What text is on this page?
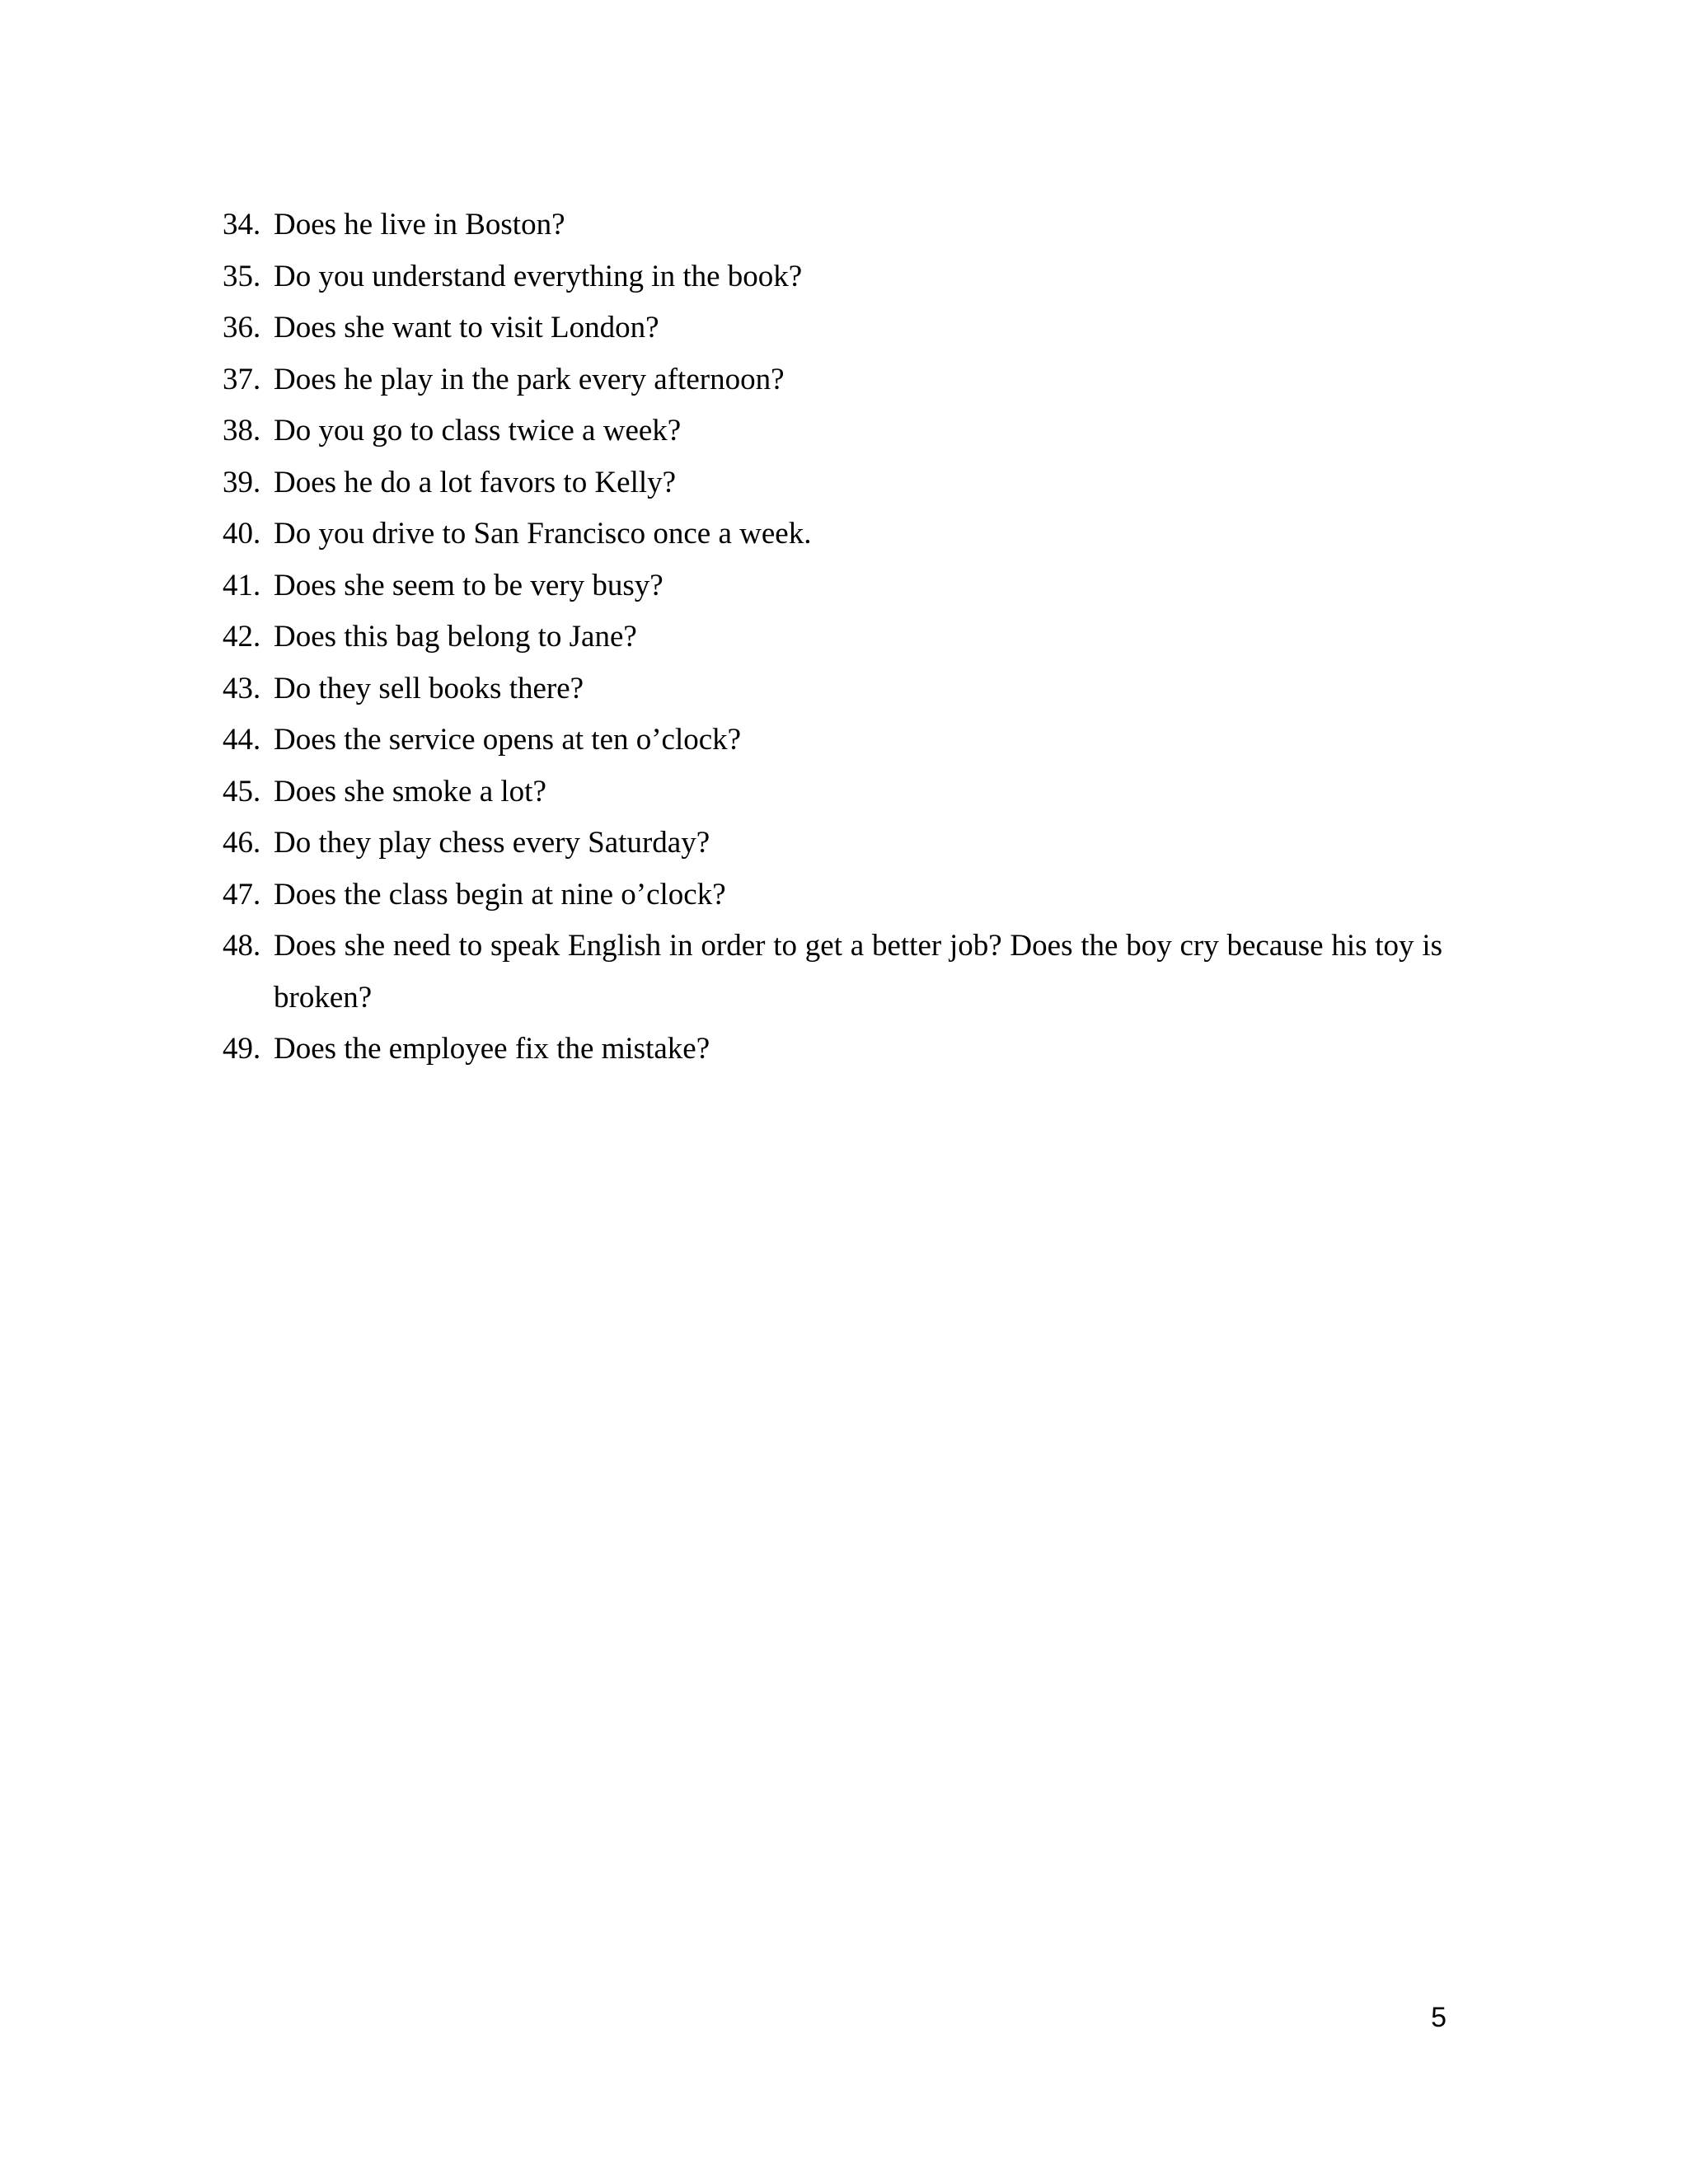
34. Does he live in Boston?
35. Do you understand everything in the book?
36. Does she want to visit London?
37. Does he play in the park every afternoon?
38. Do you go to class twice a week?
39. Does he do a lot favors to Kelly?
40. Do you drive to San Francisco once a week.
41. Does she seem to be very busy?
42. Does this bag belong to Jane?
43. Do they sell books there?
44. Does the service opens at ten o’clock?
45. Does she smoke a lot?
46. Do they play chess every Saturday?
47. Does the class begin at nine o’clock?
48. Does she need to speak English in order to get a better job? Does the boy cry because his toy is broken?
49. Does the employee fix the mistake?
5
